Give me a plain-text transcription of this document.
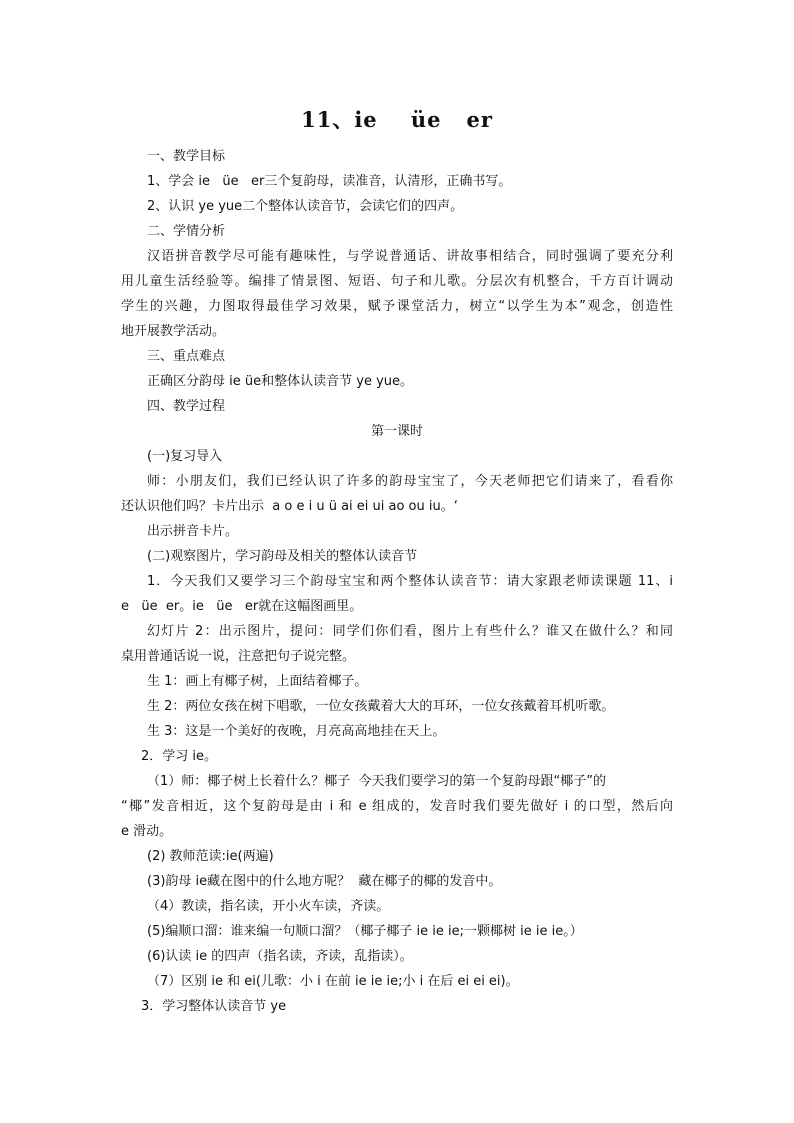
11、ie    üe   er
一、教学目标
1、学会 ie   üe   er三个复韵母，读准音，认清形，正确书写。
2、认识 ye yue二个整体认读音节，会读它们的四声。
二、学情分析
汉语拼音教学尽可能有趣味性，与学说普通话、讲故事相结合，同时强调了要充分利
用儿童生活经验等。编排了情景图、短语、句子和儿歌。分层次有机整合，千方百计调动
学生的兴趣，力图取得最佳学习效果，赋予课堂活力，树立“以学生为本”观念，创造性
地开展教学活动。
三、重点难点
正确区分韵母 ie üe和整体认读音节 ye yue。
四、教学过程
第一课时
(一)复习导入
师：小朋友们，我们已经认识了许多的韵母宝宝了，今天老师把它们请来了，看看你
还认识他们吗？卡片出示  a o e i u ü ai ei ui ao ou iu。‘
出示拼音卡片。
(二)观察图片，学习韵母及相关的整体认读音节
1．今天我们又要学习三个韵母宝宝和两个整体认读音节：请大家跟老师读课题 11、i
e   üe  er。ie   üe   er就在这幅图画里。
幻灯片 2：出示图片，提问：同学们你们看，图片上有些什么？谁又在做什么？和同
桌用普通话说一说，注意把句子说完整。
生 1：画上有椰子树，上面结着椰子。
生 2：两位女孩在树下唱歌，一位女孩戴着大大的耳环，一位女孩戴着耳机听歌。
生 3：这是一个美好的夜晚，月亮高高地挂在天上。
2．学习 ie。
（1）师：椰子树上长着什么？椰子  今天我们要学习的第一个复韵母跟“椰子”的
“椰”发音相近，这个复韵母是由 i 和 e 组成的，发音时我们要先做好 i 的口型，然后向
e 滑动。
(2) 教师范读:ie(两遍)
(3)韵母 ie藏在图中的什么地方呢？  藏在椰子的椰的发音中。
（4）教读，指名读，开小火车读，齐读。
(5)编顺口溜：谁来编一句顺口溜？（椰子椰子 ie ie ie;一颗椰树 ie ie ie。）
(6)认读 ie 的四声（指名读，齐读，乱指读）。
（7）区别 ie 和 ei(儿歌：小 i 在前 ie ie ie;小 i 在后 ei ei ei)。
3．学习整体认读音节 ye
